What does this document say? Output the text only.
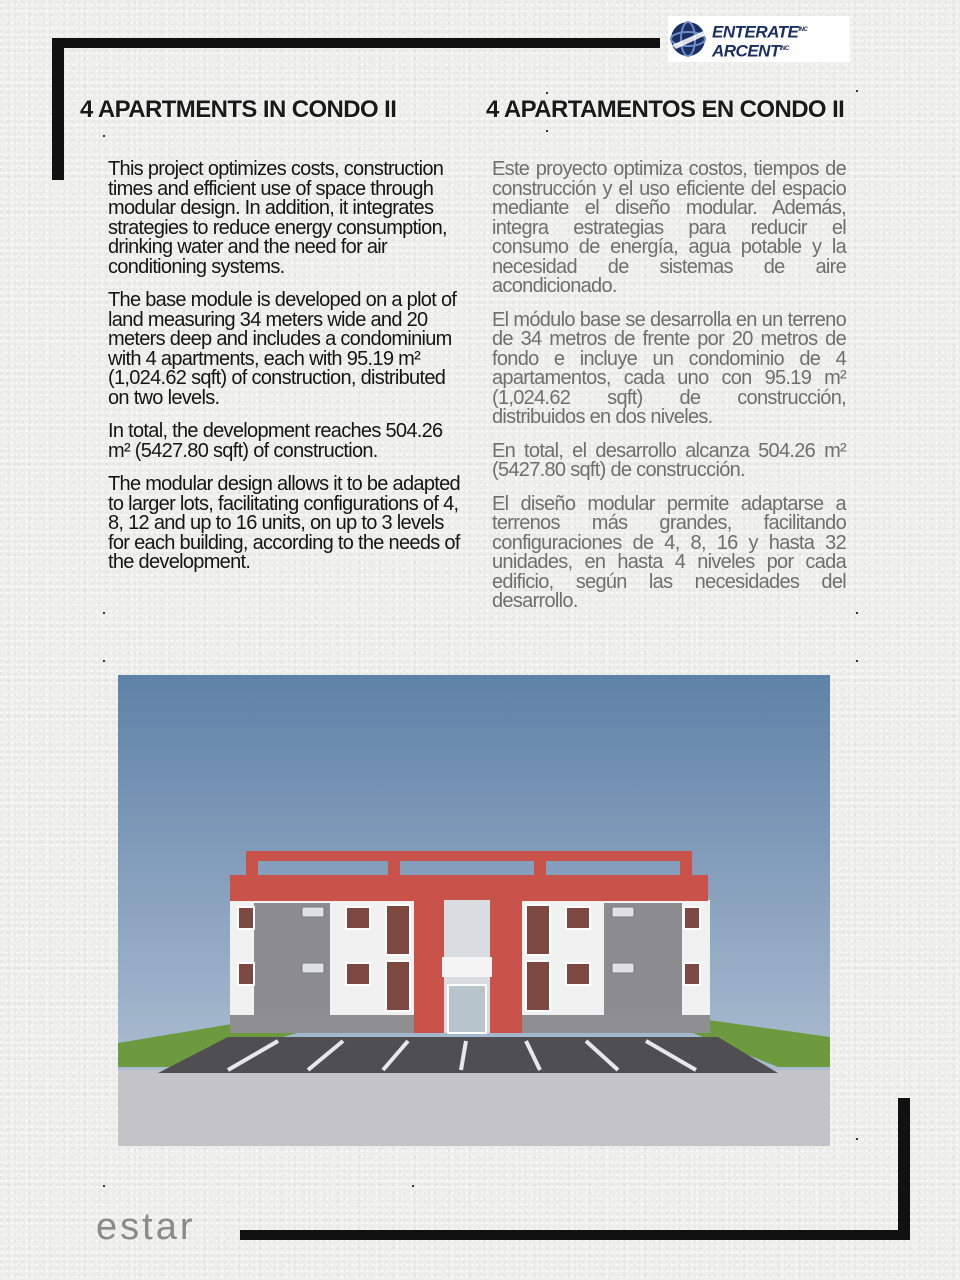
$ENTERATE^{INC}$
$ARCENT^{INC}$
4 APARTMENTS IN CONDO II	4 APARTAMENTOS EN CONDO II

This project optimizes costs, construction times and efficient use of space through modular design. In addition, it integrates strategies to reduce energy consumption, drinking water and the need for air conditioning systems.

The base module is developed on a plot of land measuring 34 meters wide and 20 meters deep and includes a condominium with 4 apartments, each with 95.19 m² (1,024.62 sqft) of construction, distributed on two levels.

In total, the development reaches 504.26 m² (5427.80 sqft) of construction.

The modular design allows it to be adapted to larger lots, facilitating configurations of 4, 8, 12 and up to 16 units, on up to 3 levels for each building, according to the needs of the development.

Este proyecto optimiza costos, tiempos de construcción y el uso eficiente del espacio mediante el diseño modular. Además, integra estrategias para reducir el consumo de energía, agua potable y la necesidad de sistemas de aire acondicionado.

El módulo base se desarrolla en un terreno de 34 metros de frente por 20 metros de fondo e incluye un condominio de 4 apartamentos, cada uno con 95.19 m² (1,024.62 sqft) de construcción, distribuidos en dos niveles.

En total, el desarrollo alcanza 504.26 m² (5427.80 sqft) de construcción.

El diseño modular permite adaptarse a terrenos más grandes, facilitando configuraciones de 4, 8, 16 y hasta 32 unidades, en hasta 4 niveles por cada edificio, según las necesidades del desarrollo.

estar
